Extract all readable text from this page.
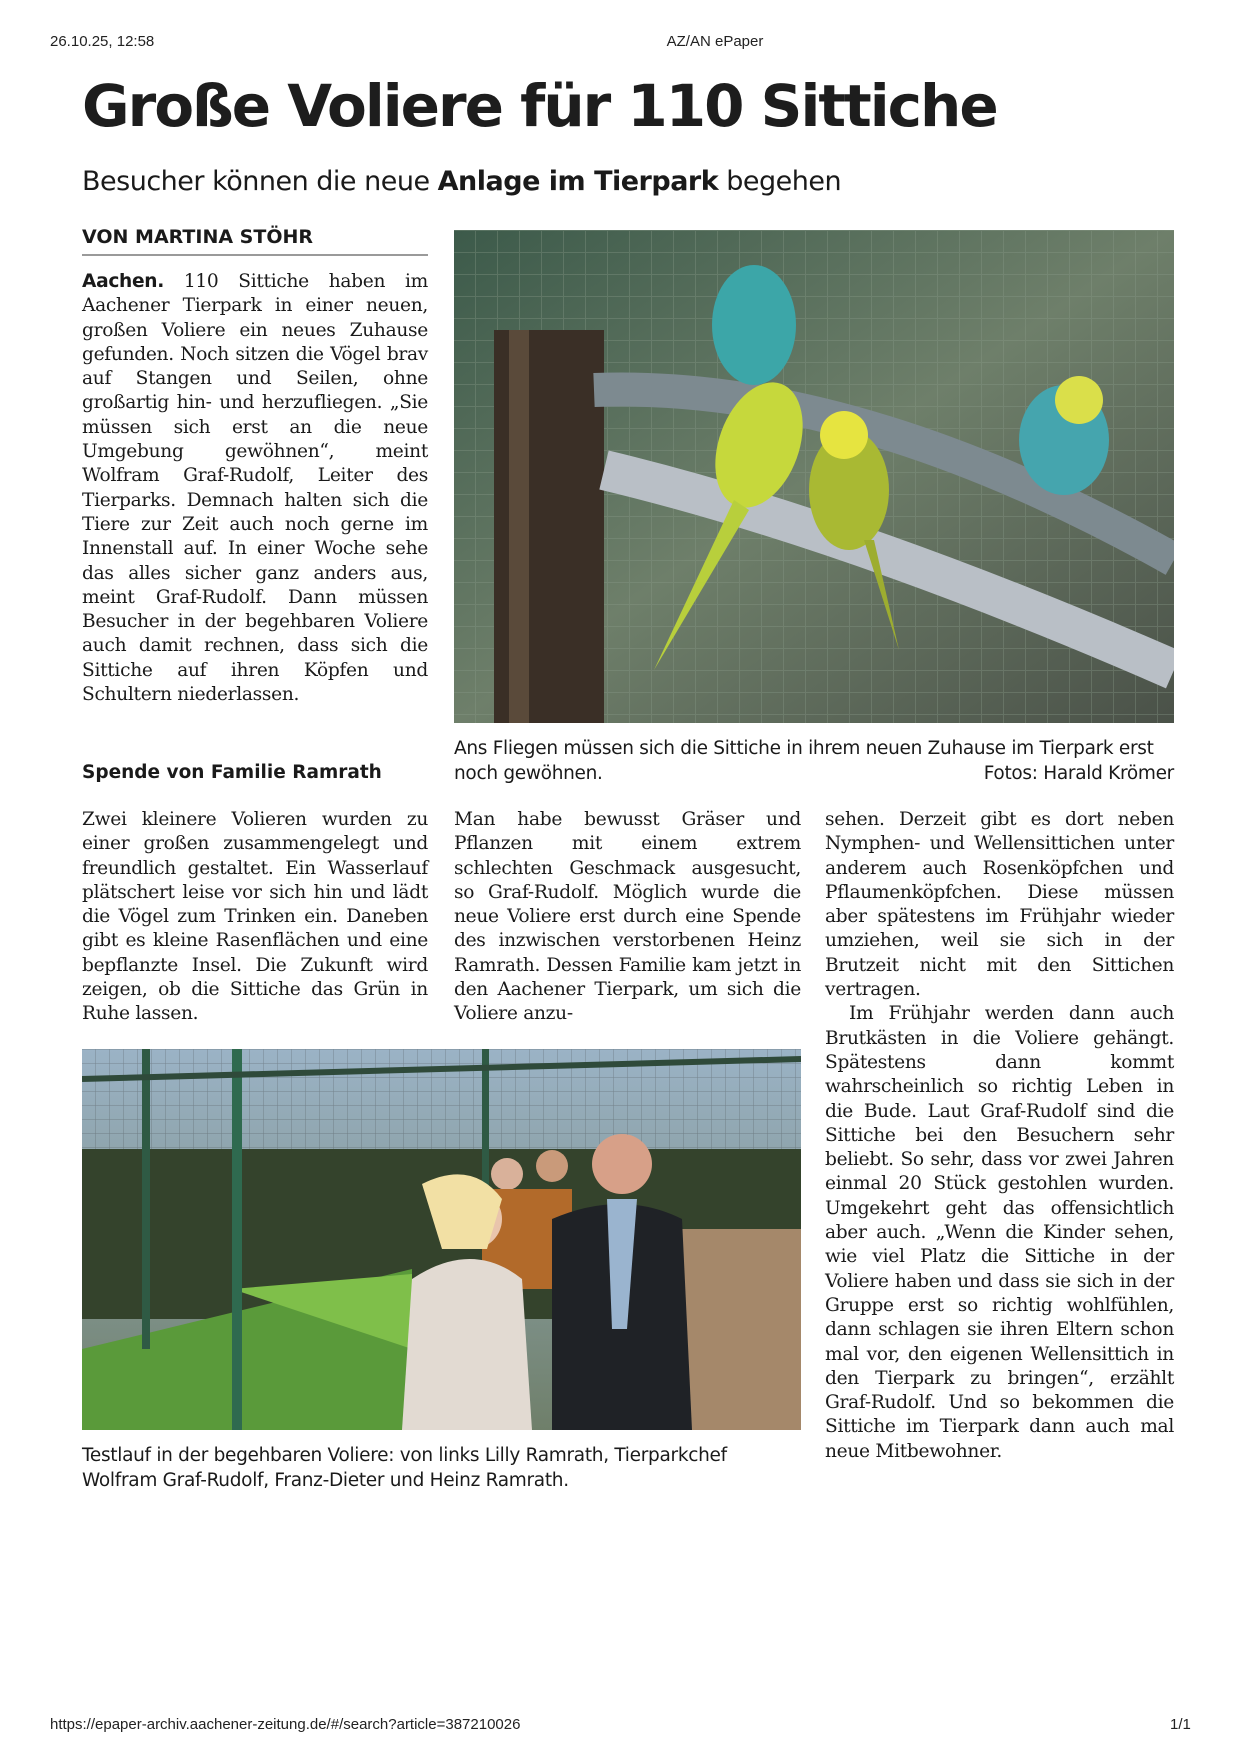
26.10.25, 12:58	AZ/AN ePaper
Große Voliere für 110 Sittiche
Besucher können die neue Anlage im Tierpark begehen
VON MARTINA STÖHR
Aachen. 110 Sittiche haben im Aachener Tierpark in einer neuen, großen Voliere ein neues Zuhause gefunden. Noch sitzen die Vögel brav auf Stangen und Seilen, ohne großartig hin- und herzufliegen. „Sie müssen sich erst an die neue Umgebung gewöhnen“, meint Wolfram Graf-Rudolf, Leiter des Tierparks. Demnach halten sich die Tiere zur Zeit auch noch gerne im Innenstall auf. In einer Woche sehe das alles sicher ganz anders aus, meint Graf-Rudolf. Dann müssen Besucher in der begehbaren Voliere auch damit rechnen, dass sich die Sittiche auf ihren Köpfen und Schultern niederlassen.
Spende von Familie Ramrath
Ans Fliegen müssen sich die Sittiche in ihrem neuen Zuhause im Tierpark erst noch gewöhnen.	Fotos: Harald Krömer
Zwei kleinere Volieren wurden zu einer großen zusammengelegt und freundlich gestaltet. Ein Wasserlauf plätschert leise vor sich hin und lädt die Vögel zum Trinken ein. Daneben gibt es kleine Rasenflächen und eine bepflanzte Insel. Die Zukunft wird zeigen, ob die Sittiche das Grün in Ruhe lassen.
Man habe bewusst Gräser und Pflanzen mit einem extrem schlechten Geschmack ausgesucht, so Graf-Rudolf. Möglich wurde die neue Voliere erst durch eine Spende des inzwischen verstorbenen Heinz Ramrath. Dessen Familie kam jetzt in den Aachener Tierpark, um sich die Voliere anzu-
sehen. Derzeit gibt es dort neben Nymphen- und Wellensittichen unter anderem auch Rosenköpfchen und Pflaumenköpfchen. Diese müssen aber spätestens im Frühjahr wieder umziehen, weil sie sich in der Brutzeit nicht mit den Sittichen vertragen.
Im Frühjahr werden dann auch Brutkästen in die Voliere gehängt. Spätestens dann kommt wahrscheinlich so richtig Leben in die Bude. Laut Graf-Rudolf sind die Sittiche bei den Besuchern sehr beliebt. So sehr, dass vor zwei Jahren einmal 20 Stück gestohlen wurden. Umgekehrt geht das offensichtlich aber auch. „Wenn die Kinder sehen, wie viel Platz die Sittiche in der Voliere haben und dass sie sich in der Gruppe erst so richtig wohlfühlen, dann schlagen sie ihren Eltern schon mal vor, den eigenen Wellensittich in den Tierpark zu bringen“, erzählt Graf-Rudolf. Und so bekommen die Sittiche im Tierpark dann auch mal neue Mitbewohner.
Testlauf in der begehbaren Voliere: von links Lilly Ramrath, Tierparkchef Wolfram Graf-Rudolf, Franz-Dieter und Heinz Ramrath.
https://epaper-archiv.aachener-zeitung.de/#/search?article=387210026	1/1
